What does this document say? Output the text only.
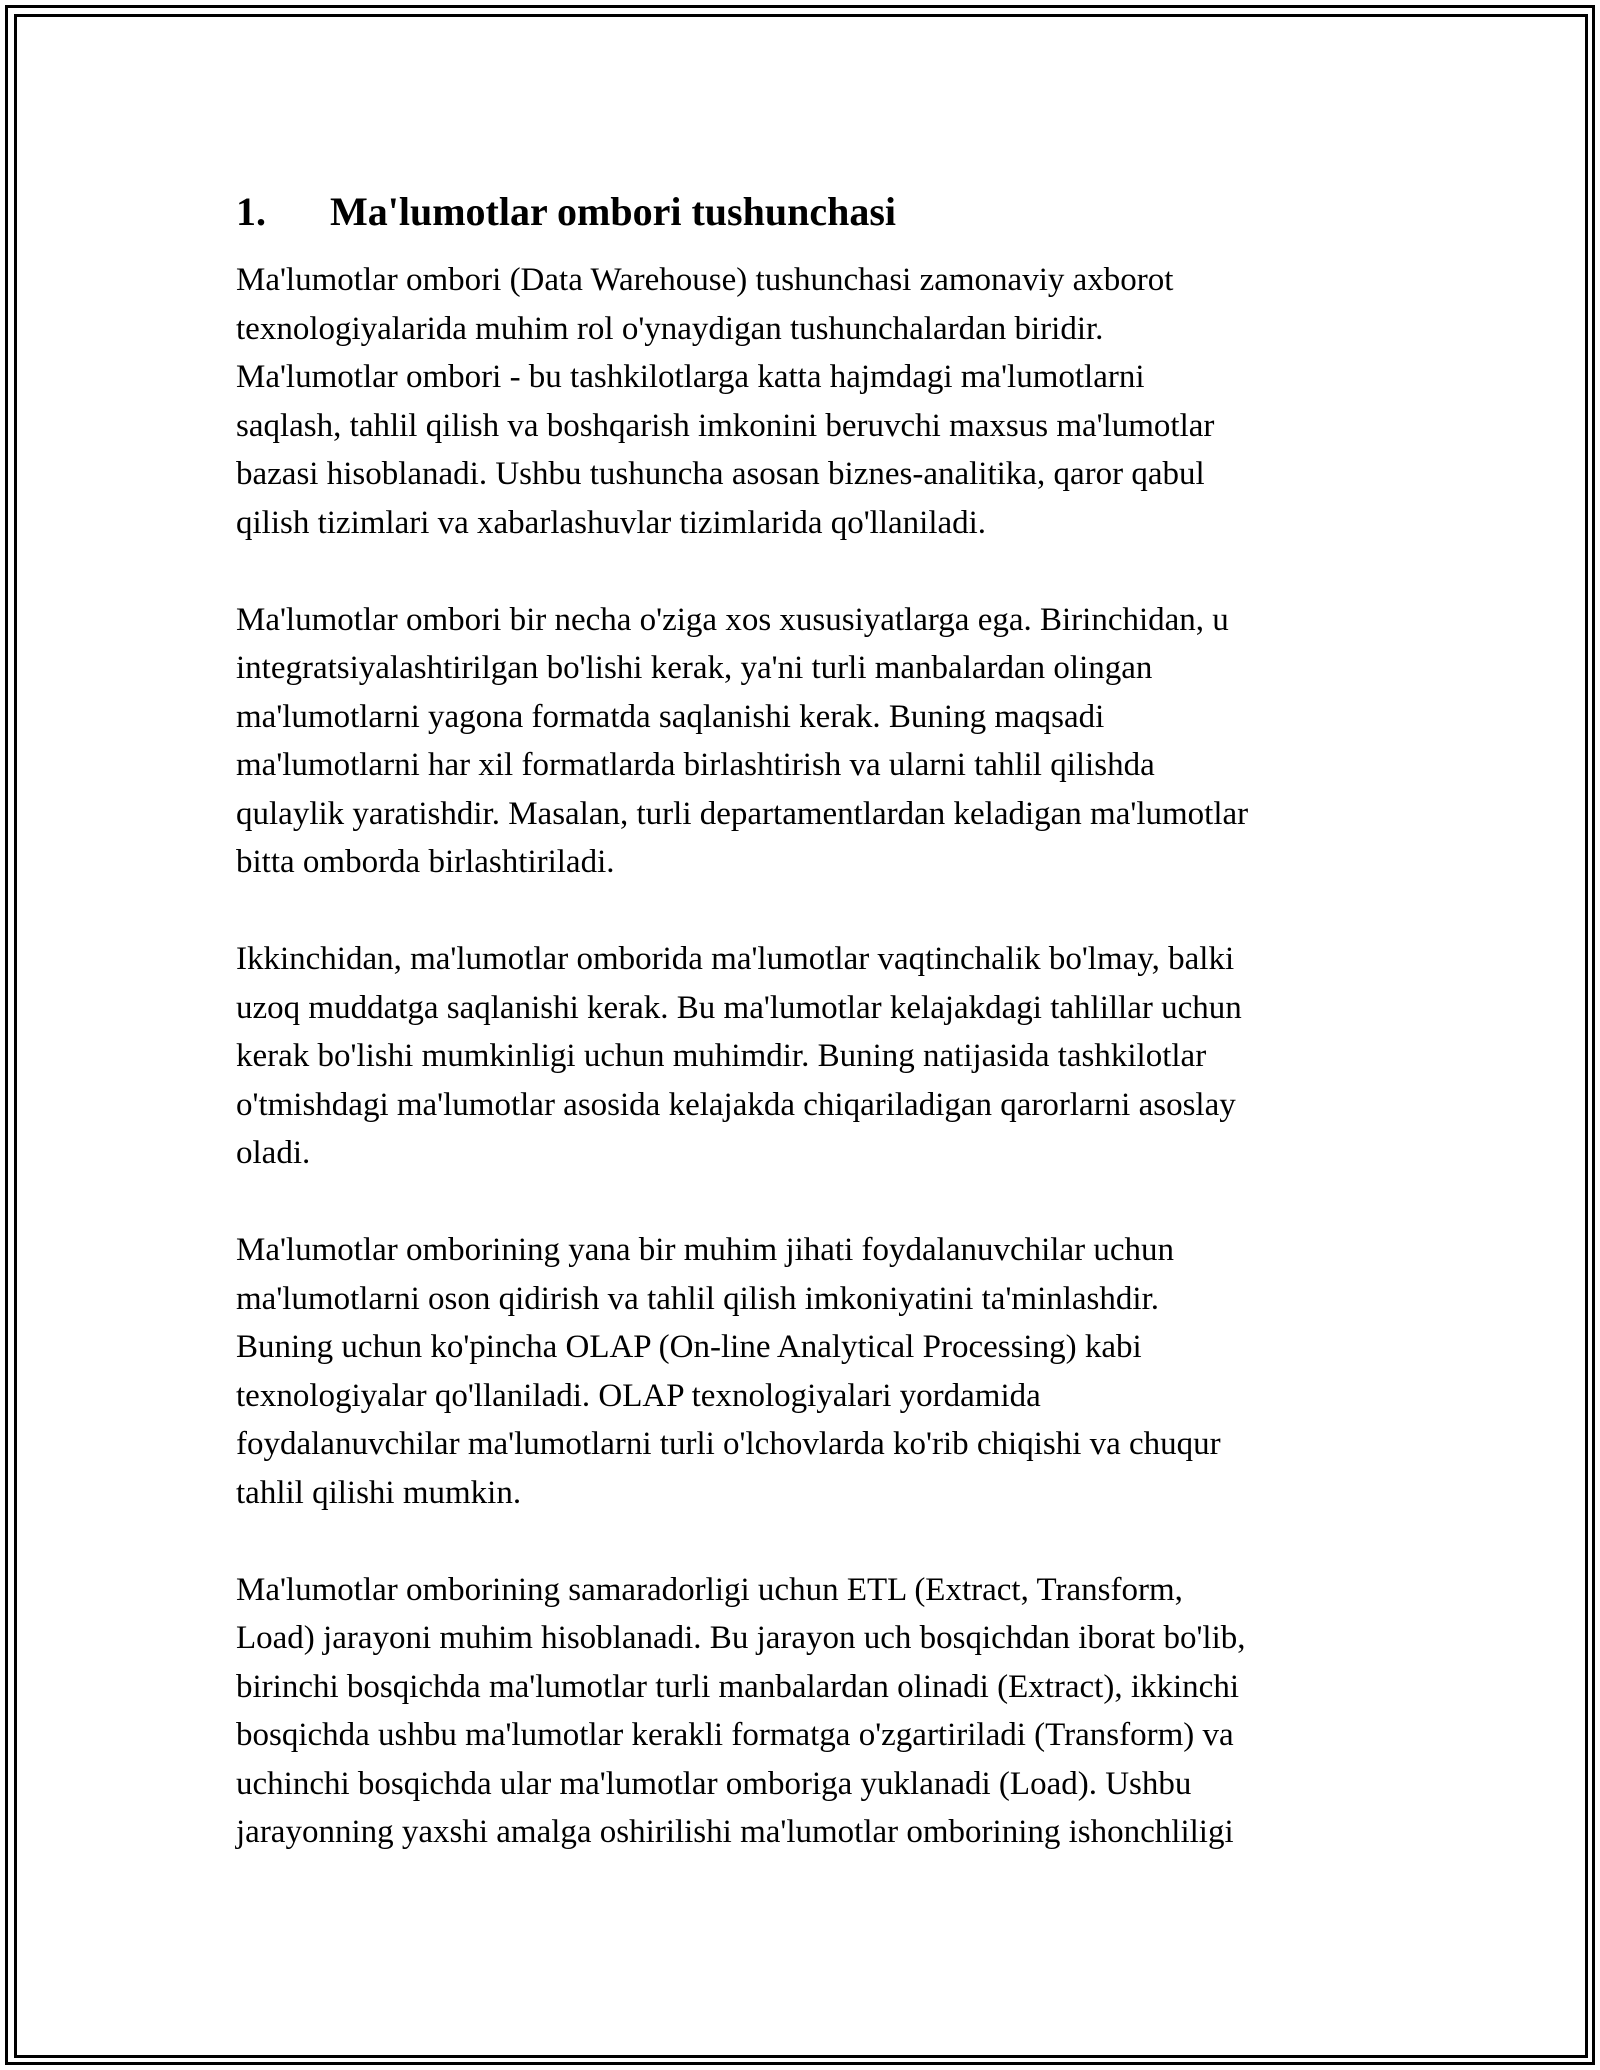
1.	Ma'lumotlar ombori tushunchasi

Ma'lumotlar ombori (Data Warehouse) tushunchasi zamonaviy axborot
texnologiyalarida muhim rol o'ynaydigan tushunchalardan biridir.
Ma'lumotlar ombori - bu tashkilotlarga katta hajmdagi ma'lumotlarni
saqlash, tahlil qilish va boshqarish imkonini beruvchi maxsus ma'lumotlar
bazasi hisoblanadi. Ushbu tushuncha asosan biznes-analitika, qaror qabul
qilish tizimlari va xabarlashuvlar tizimlarida qo'llaniladi.

Ma'lumotlar ombori bir necha o'ziga xos xususiyatlarga ega. Birinchidan, u
integratsiyalashtirilgan bo'lishi kerak, ya'ni turli manbalardan olingan
ma'lumotlarni yagona formatda saqlanishi kerak. Buning maqsadi
ma'lumotlarni har xil formatlarda birlashtirish va ularni tahlil qilishda
qulaylik yaratishdir. Masalan, turli departamentlardan keladigan ma'lumotlar
bitta omborda birlashtiriladi.

Ikkinchidan, ma'lumotlar omborida ma'lumotlar vaqtinchalik bo'lmay, balki
uzoq muddatga saqlanishi kerak. Bu ma'lumotlar kelajakdagi tahlillar uchun
kerak bo'lishi mumkinligi uchun muhimdir. Buning natijasida tashkilotlar
o'tmishdagi ma'lumotlar asosida kelajakda chiqariladigan qarorlarni asoslay
oladi.

Ma'lumotlar omborining yana bir muhim jihati foydalanuvchilar uchun
ma'lumotlarni oson qidirish va tahlil qilish imkoniyatini ta'minlashdir.
Buning uchun ko'pincha OLAP (On-line Analytical Processing) kabi
texnologiyalar qo'llaniladi. OLAP texnologiyalari yordamida
foydalanuvchilar ma'lumotlarni turli o'lchovlarda ko'rib chiqishi va chuqur
tahlil qilishi mumkin.

Ma'lumotlar omborining samaradorligi uchun ETL (Extract, Transform,
Load) jarayoni muhim hisoblanadi. Bu jarayon uch bosqichdan iborat bo'lib,
birinchi bosqichda ma'lumotlar turli manbalardan olinadi (Extract), ikkinchi
bosqichda ushbu ma'lumotlar kerakli formatga o'zgartiriladi (Transform) va
uchinchi bosqichda ular ma'lumotlar omboriga yuklanadi (Load). Ushbu
jarayonning yaxshi amalga oshirilishi ma'lumotlar omborining ishonchliligi
